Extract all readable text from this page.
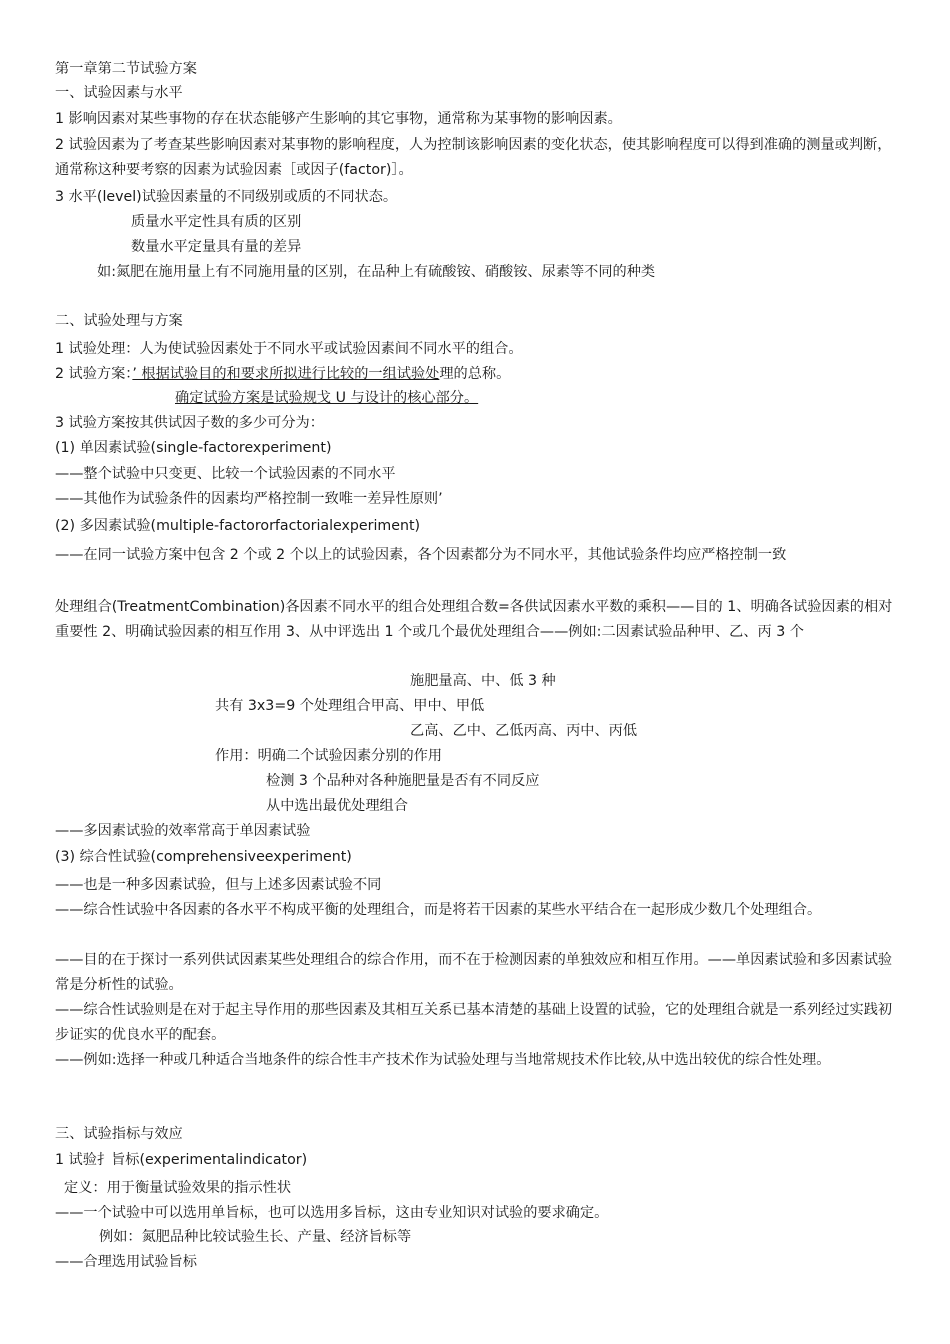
第一章第二节试验方案
一、试验因素与水平
1 影响因素对某些事物的存在状态能够产生影响的其它事物，通常称为某事物的影响因素。
2 试验因素为了考查某些影响因素对某事物的影响程度，人为控制该影响因素的变化状态，使其影响程度可以得到准确的测量或判断，通常称这种要考察的因素为试验因素［或因子(factor)］。
3 水平(level)试验因素量的不同级别或质的不同状态。
质量水平定性具有质的区别
数量水平定量具有量的差异
如:氮肥在施用量上有不同施用量的区别，在品种上有硫酸铵、硝酸铵、尿素等不同的种类
二、试验处理与方案
1 试验处理：人为使试验因素处于不同水平或试验因素间不同水平的组合。
2 试验方案：’ 根据试验目的和要求所拟进行比较的一组试验处理的总称。
确定试验方案是试验规戈 U 与设计的核心部分。
3 试验方案按其供试因子数的多少可分为：
(1) 单因素试验(single-factorexperiment)
——整个试验中只变更、比较一个试验因素的不同水平
——其他作为试验条件的因素均严格控制一致唯一差异性原则’
(2) 多因素试验(multiple-factororfactorialexperiment)
——在同一试验方案中包含 2 个或 2 个以上的试验因素，各个因素都分为不同水平，其他试验条件均应严格控制一致
处理组合(TreatmentCombination)各因素不同水平的组合处理组合数=各供试因素水平数的乘积——目的 1、明确各试验因素的相对重要性 2、明确试验因素的相互作用 3、从中评选出 1 个或几个最优处理组合——例如:二因素试验品种甲、乙、丙 3 个
施肥量高、中、低 3 种
共有 3x3=9 个处理组合甲高、甲中、甲低
乙高、乙中、乙低丙高、丙中、丙低
作用：明确二个试验因素分别的作用
检测 3 个品种对各种施肥量是否有不同反应
从中选出最优处理组合
——多因素试验的效率常高于单因素试验
(3) 综合性试验(comprehensiveexperiment)
——也是一种多因素试验，但与上述多因素试验不同
——综合性试验中各因素的各水平不构成平衡的处理组合，而是将若干因素的某些水平结合在一起形成少数几个处理组合。
——目的在于探讨一系列供试因素某些处理组合的综合作用，而不在于检测因素的单独效应和相互作用。——单因素试验和多因素试验常是分析性的试验。
——综合性试验则是在对于起主导作用的那些因素及其相互关系已基本清楚的基础上设置的试验，它的处理组合就是一系列经过实践初步证实的优良水平的配套。
——例如:选择一种或几种适合当地条件的综合性丰产技术作为试验处理与当地常规技术作比较,从中选出较优的综合性处理。
三、试验指标与效应
1 试验扌旨标(experimentalindicator)
定义：用于衡量试验效果的指示性状
——一个试验中可以选用单旨标，也可以选用多旨标，这由专业知识对试验的要求确定。
例如：氮肥品种比较试验生长、产量、经济旨标等
——合理选用试验旨标
